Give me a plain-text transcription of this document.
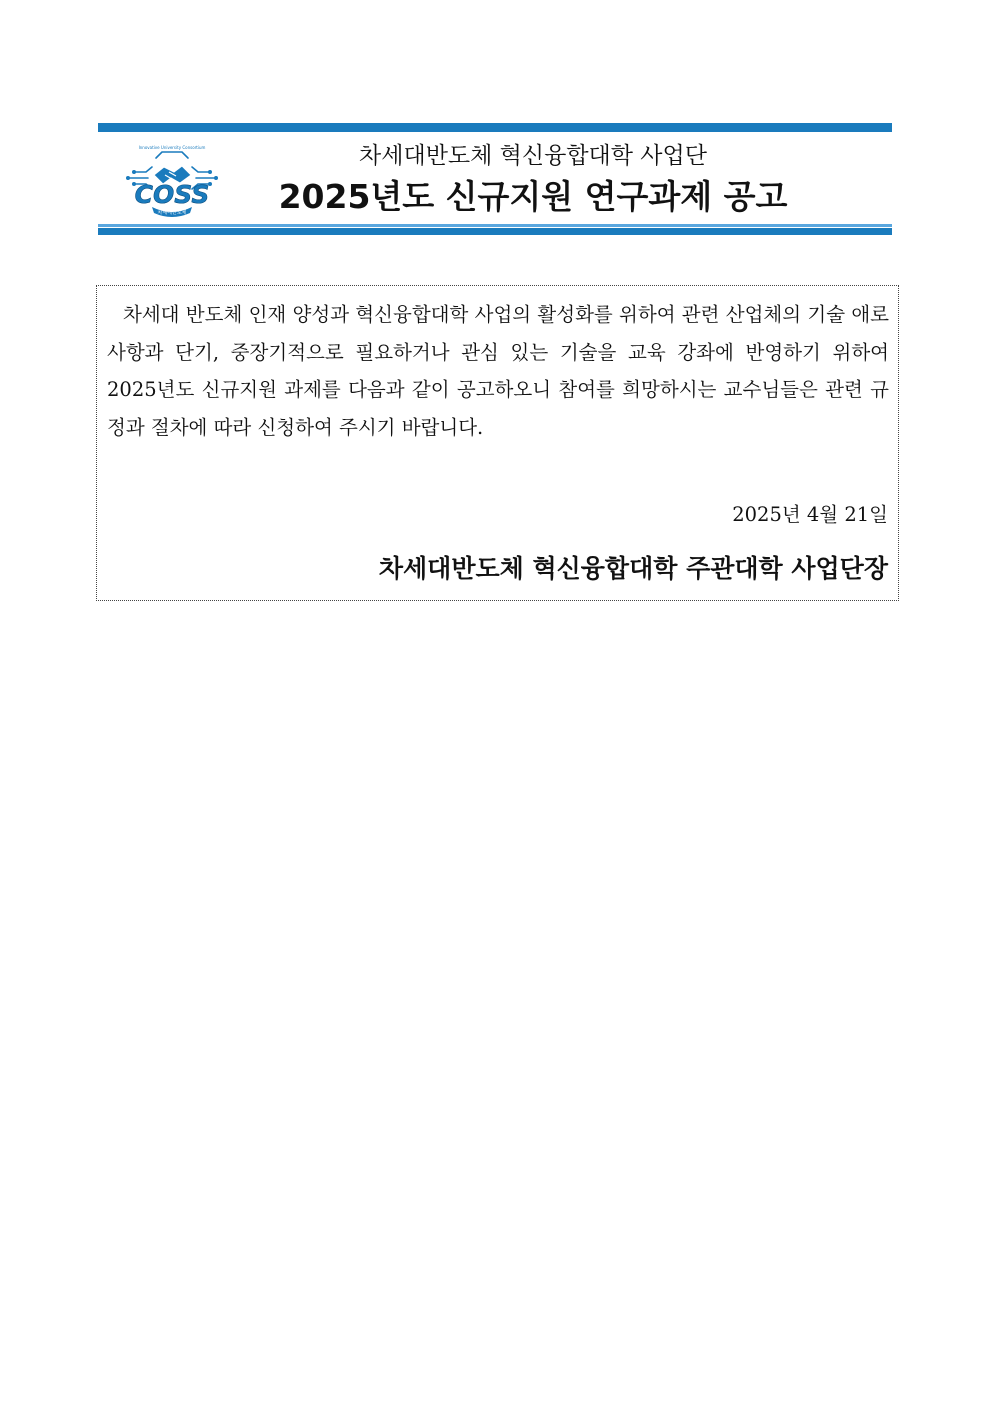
COSS
차세대반도체
Innovative University Consortium	차세대반도체 혁신융합대학 사업단
2025년도 신규지원 연구과제 공고

차세대 반도체 인재 양성과 혁신융합대학 사업의 활성화를 위하여 관련 산업체의 기술 애로사항과 단기, 중장기적으로 필요하거나 관심 있는 기술을 교육 강좌에 반영하기 위하여 2025년도 신규지원 과제를 다음과 같이 공고하오니 참여를 희망하시는 교수님들은 관련 규정과 절차에 따라 신청하여 주시기 바랍니다.

2025년 4월 21일
차세대반도체 혁신융합대학 주관대학 사업단장
